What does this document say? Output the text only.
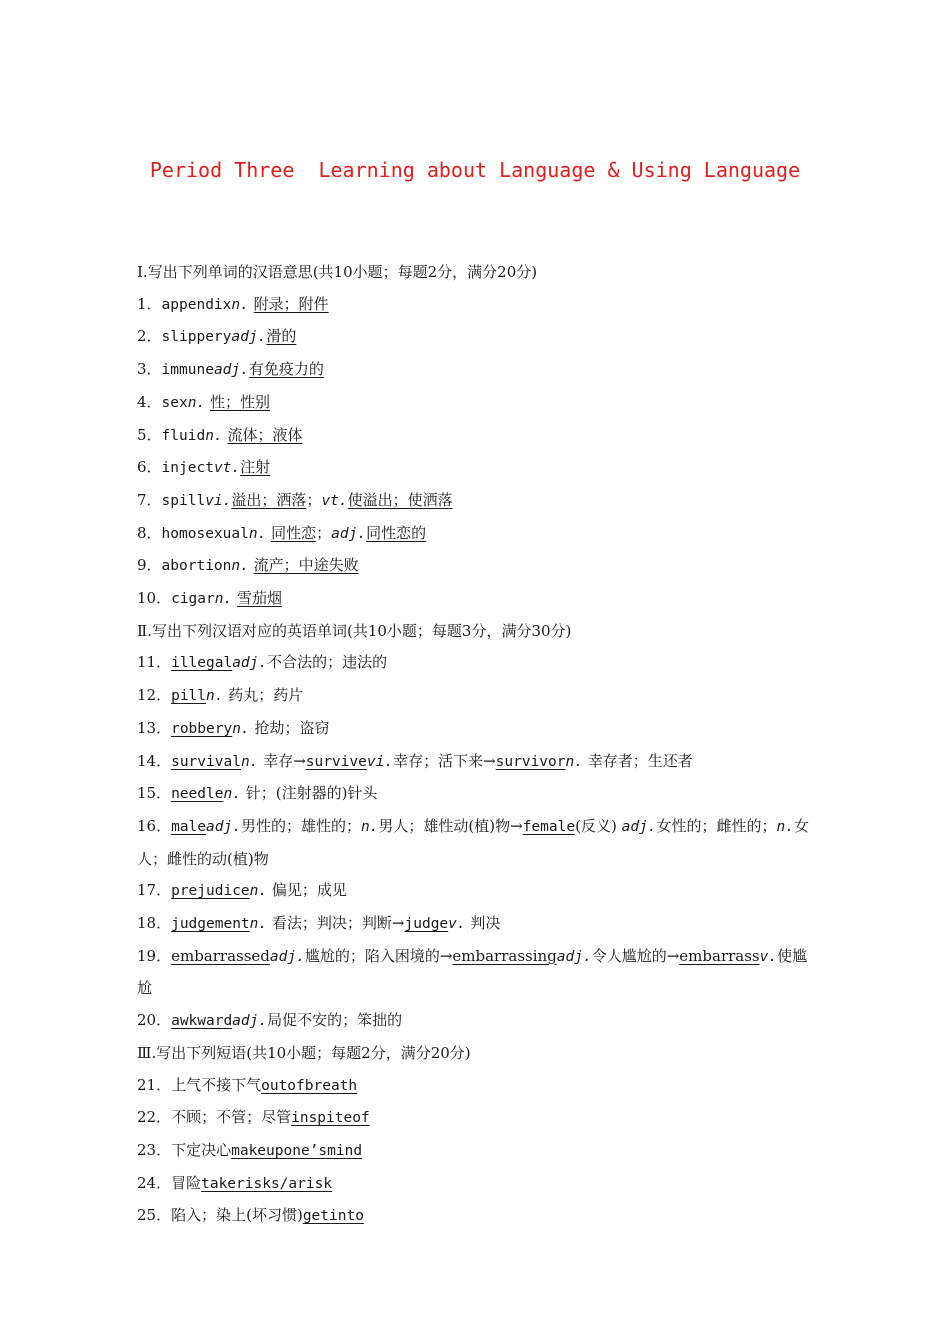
Period Three  Learning about Language & Using Language
Ⅰ.写出下列单词的汉语意思(共10小题；每题2分，满分20分)
1．appendixn. 附录；附件
2．slipperyadj.滑的
3．immuneadj.有免疫力的
4．sexn. 性；性别
5．fluidn. 流体；液体
6．injectvt.注射
7．spillvi.溢出；洒落；vt.使溢出；使洒落
8．homosexualn. 同性恋；adj.同性恋的
9．abortionn. 流产；中途失败
10．cigarn. 雪茄烟
Ⅱ.写出下列汉语对应的英语单词(共10小题；每题3分，满分30分)
11．illegaladj.不合法的；违法的
12．pilln. 药丸；药片
13．robberyn. 抢劫；盗窃
14．survivaln. 幸存→survivevi.幸存；活下来→survivorn. 幸存者；生还者
15．needlen. 针；(注射器的)针头
16．maleadj.男性的；雄性的；n.男人；雄性动(植)物→female(反义) adj.女性的；雌性的；n.女人；雌性的动(植)物
17．prejudicen. 偏见；成见
18．judgementn. 看法；判决；判断→judgev. 判决
19．embarrassedadj.尴尬的；陷入困境的→embarrassingadj.令人尴尬的→embarrassv.使尴尬
20．awkwardadj.局促不安的；笨拙的
Ⅲ.写出下列短语(共10小题；每题2分，满分20分)
21．上气不接下气outofbreath
22．不顾；不管；尽管inspiteof
23．下定决心makeupone’smind
24．冒险takerisks/arisk
25．陷入；染上(坏习惯)getinto
